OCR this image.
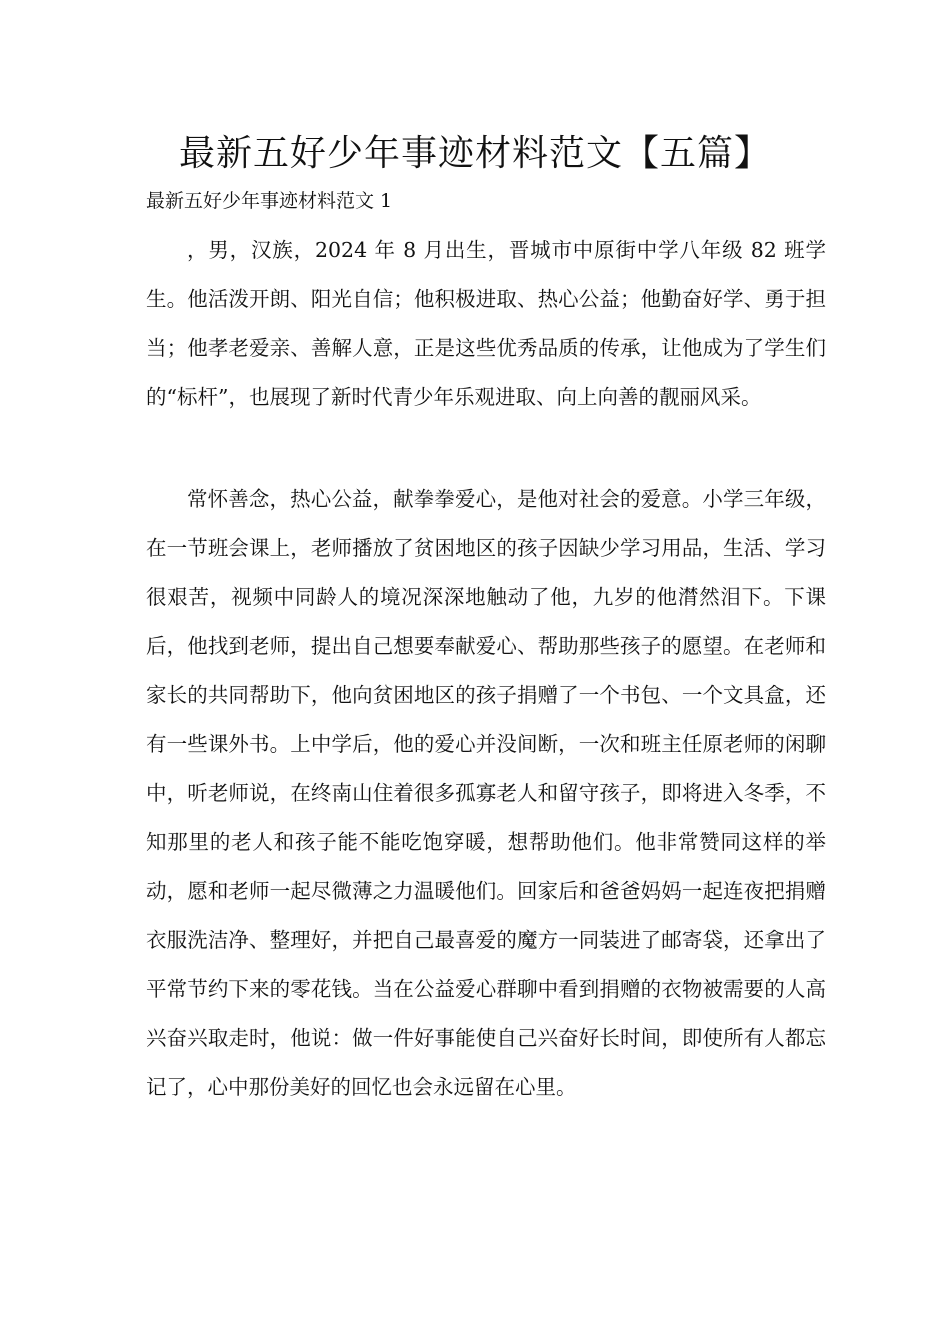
最新五好少年事迹材料范文【五篇】

最新五好少年事迹材料范文 1

，男，汉族，2024 年 8 月出生，晋城市中原街中学八年级 82 班学生。他活泼开朗、阳光自信；他积极进取、热心公益；他勤奋好学、勇于担当；他孝老爱亲、善解人意，正是这些优秀品质的传承，让他成为了学生们的“标杆”，也展现了新时代青少年乐观进取、向上向善的靓丽风采。

常怀善念，热心公益，献拳拳爱心，是他对社会的爱意。小学三年级，在一节班会课上，老师播放了贫困地区的孩子因缺少学习用品，生活、学习很艰苦，视频中同龄人的境况深深地触动了他，九岁的他潸然泪下。下课后，他找到老师，提出自己想要奉献爱心、帮助那些孩子的愿望。在老师和家长的共同帮助下，他向贫困地区的孩子捐赠了一个书包、一个文具盒，还有一些课外书。上中学后，他的爱心并没间断，一次和班主任原老师的闲聊中，听老师说，在终南山住着很多孤寡老人和留守孩子，即将进入冬季，不知那里的老人和孩子能不能吃饱穿暖，想帮助他们。他非常赞同这样的举动，愿和老师一起尽微薄之力温暖他们。回家后和爸爸妈妈一起连夜把捐赠衣服洗洁净、整理好，并把自己最喜爱的魔方一同装进了邮寄袋，还拿出了平常节约下来的零花钱。当在公益爱心群聊中看到捐赠的衣物被需要的人高兴奋兴取走时，他说：做一件好事能使自己兴奋好长时间，即使所有人都忘记了，心中那份美好的回忆也会永远留在心里。
